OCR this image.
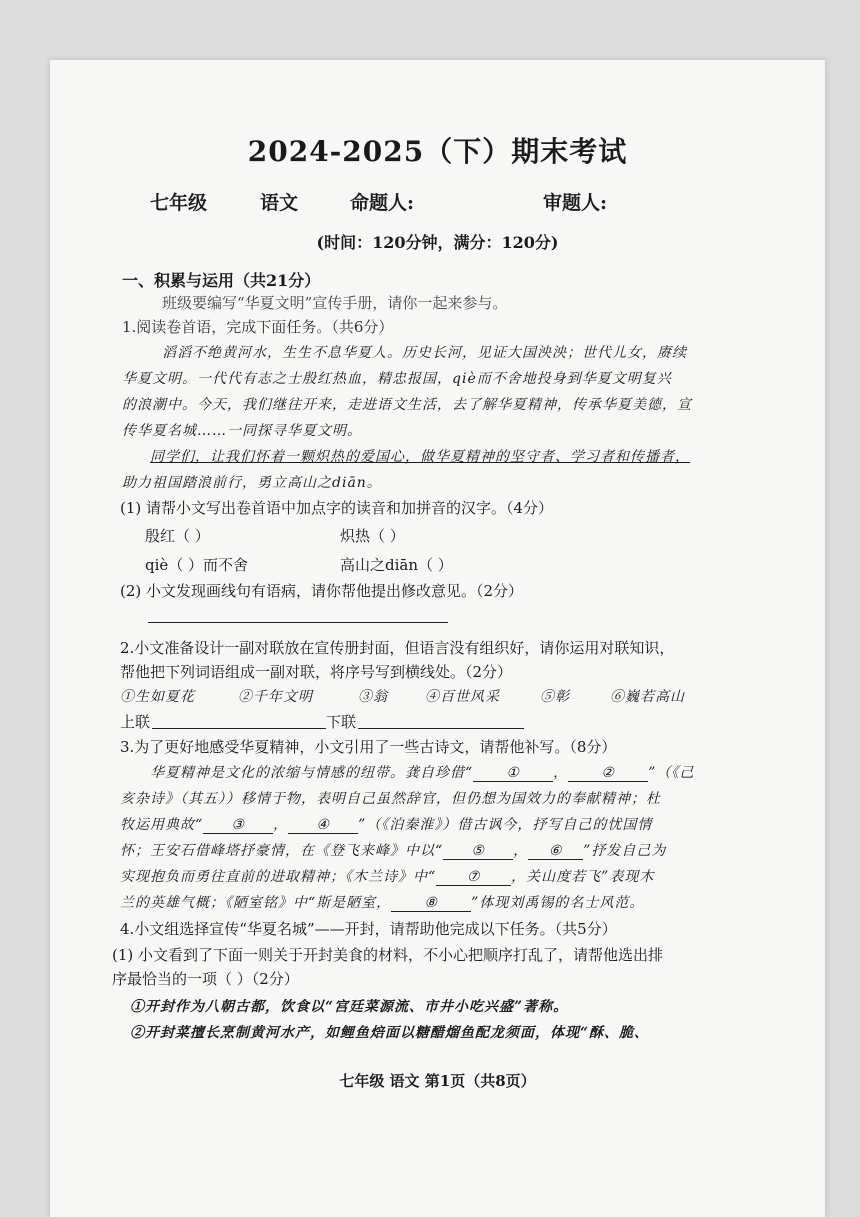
2024-2025（下）期末考试
七年级	语文	命题人:	审题人:
(时间：120分钟，满分：120分)
一、积累与运用（共21分）
班级要编写“华夏文明”宣传手册，请你一起来参与。
1.阅读卷首语，完成下面任务。（共6分）
滔滔不绝黄河水，生生不息华夏人。历史长河，见证大国泱泱；世代儿女，赓续
华夏文明。一代代有志之士殷红热血，精忠报国，qiè而不舍地投身到华夏文明复兴
的浪潮中。今天，我们继往开来，走进语文生活，去了解华夏精神，传承华夏美德，宣
传华夏名城……一同探寻华夏文明。
同学们，让我们怀着一颗炽热的爱国心，做华夏精神的坚守者、学习者和传播者，
助力祖国踏浪前行，勇立高山之diān。
(1) 请帮小文写出卷首语中加点字的读音和加拼音的汉字。（4分）
殷红（ ）	炽热（ ）
qiè（ ）而不舍	高山之diān（ ）
(2) 小文发现画线句有语病，请你帮他提出修改意见。（2分）
2.小文准备设计一副对联放在宣传册封面，但语言没有组织好，请你运用对联知识，
帮他把下列词语组成一副对联，将序号写到横线处。（2分）
①生如夏花	②千年文明	③翁	④百世风采	⑤彰	⑥巍若高山
上联	下联
3.为了更好地感受华夏精神，小文引用了一些古诗文，请帮他补写。（8分）
华夏精神是文化的浓缩与情感的纽带。龚自珍借“ ① ， ② ”（《己
亥杂诗》（其五））移情于物，表明自己虽然辞官，但仍想为国效力的奉献精神；杜
牧运用典故“ ③ ， ④ ”（《泊秦淮》）借古讽今，抒写自己的忧国情
怀；王安石借峰塔抒豪情，在《登飞来峰》中以“ ⑤ ， ⑥ ”抒发自己为
实现抱负而勇往直前的进取精神；《木兰诗》中“ ⑦ ，关山度若飞”表现木
兰的英雄气概；《陋室铭》中“斯是陋室， ⑧ ”体现刘禹锡的名士风范。
4.小文组选择宣传“华夏名城”——开封，请帮助他完成以下任务。（共5分）
(1) 小文看到了下面一则关于开封美食的材料，不小心把顺序打乱了，请帮他选出排
序最恰当的一项（ ）（2分）
①开封作为八朝古都，饮食以“宫廷菜源流、市井小吃兴盛”著称。
②开封菜擅长烹制黄河水产，如鲤鱼焙面以糖醋熘鱼配龙须面，体现“酥、脆、
七年级 语文 第1页（共8页）
